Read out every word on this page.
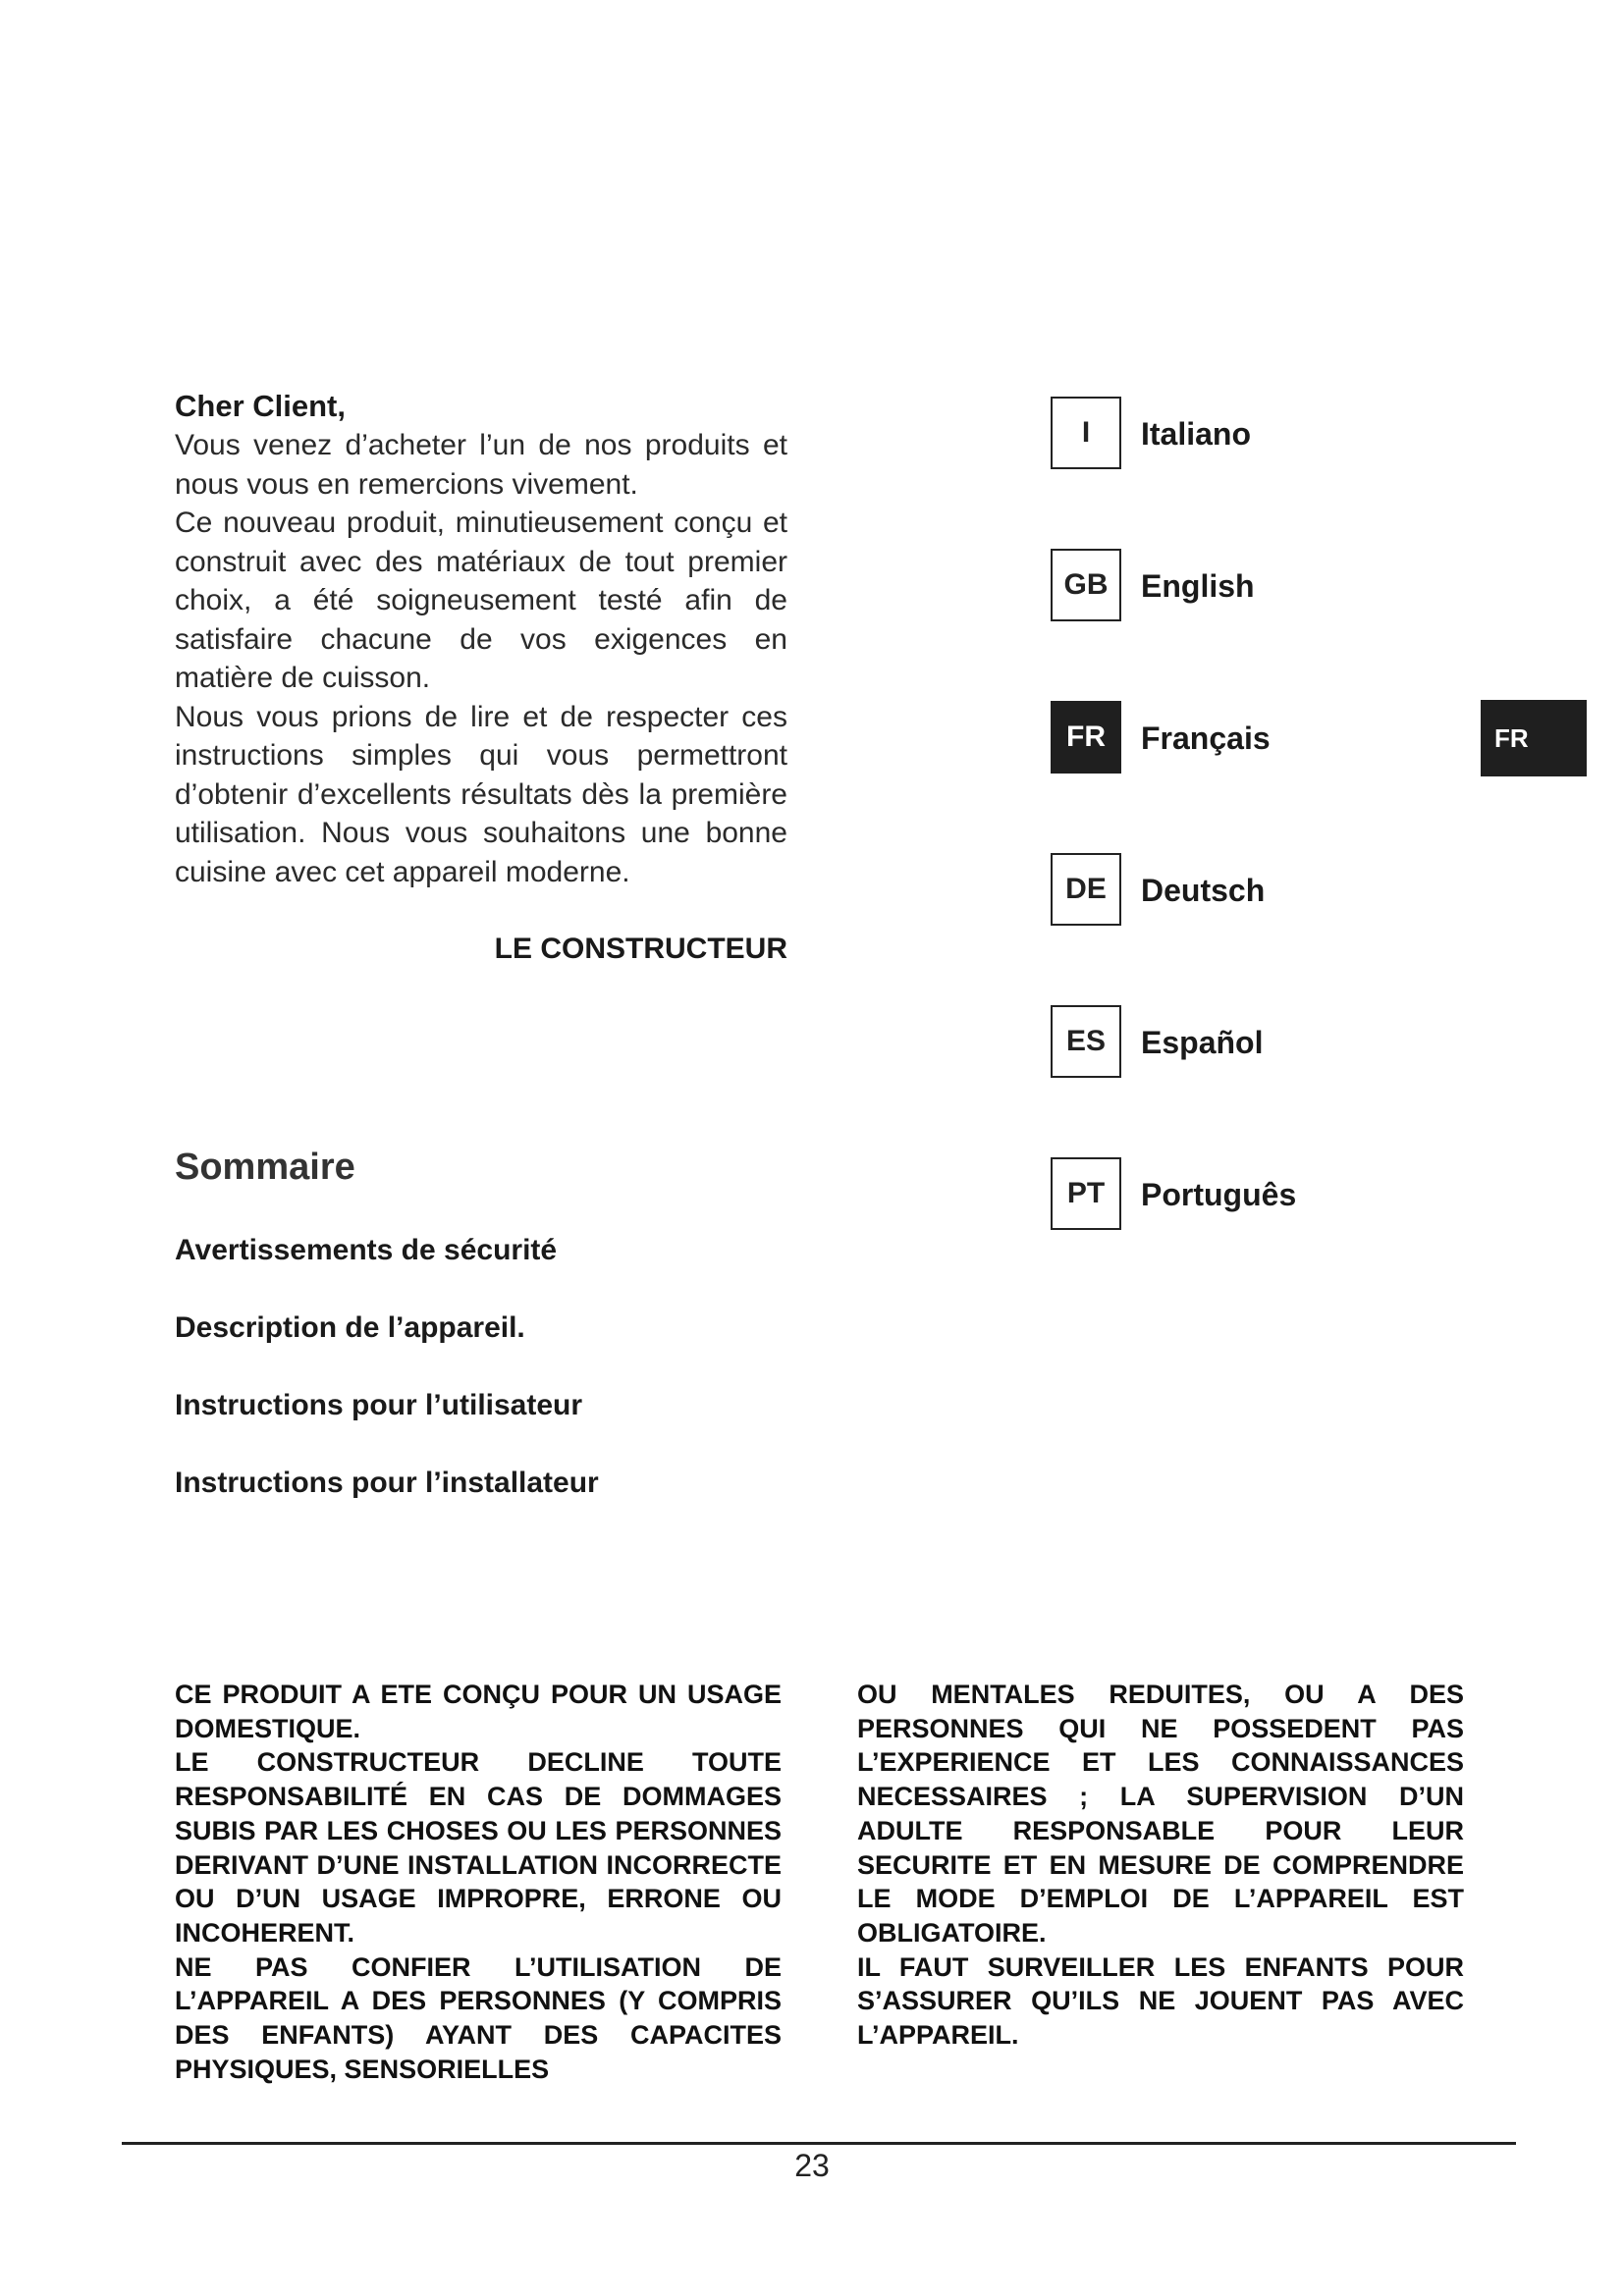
Cher Client,

Vous venez d’acheter l’un de nos produits et nous vous en remercions vivement.

Ce nouveau produit, minutieusement conçu et construit avec des matériaux de tout premier choix, a été soigneusement testé afin de satisfaire chacune de vos exigences en matière de cuisson.

Nous vous prions de lire et de respecter ces instructions simples qui vous permettront d’obtenir d’excellents résultats dès la première utilisation. Nous vous souhaitons une bonne cuisine avec cet appareil moderne.

LE CONSTRUCTEUR

Sommaire
Avertissements de sécurité
Description de l’appareil.
Instructions pour l’utilisateur
Instructions pour l’installateur
I	Italiano
GB	English
FR	Français
DE	Deutsch
ES	Español
PT	Português
FR

CE PRODUIT A ETE CONÇU POUR UN USAGE DOMESTIQUE.

LE CONSTRUCTEUR DECLINE TOUTE RESPONSABILITÉ EN CAS DE DOMMAGES SUBIS PAR LES CHOSES OU LES PERSONNES DERIVANT D’UNE INSTALLATION INCORRECTE OU D’UN USAGE IMPROPRE, ERRONE OU INCOHERENT.

NE PAS CONFIER L’UTILISATION DE L’APPAREIL A DES PERSONNES (Y COMPRIS DES ENFANTS) AYANT DES CAPACITES PHYSIQUES, SENSORIELLES

OU MENTALES REDUITES, OU A DES PERSONNES QUI NE POSSEDENT PAS L’EXPERIENCE ET LES CONNAISSANCES NECESSAIRES ; LA SUPERVISION D’UN ADULTE RESPONSABLE POUR LEUR SECURITE ET EN MESURE DE COMPRENDRE LE MODE D’EMPLOI DE L’APPAREIL EST OBLIGATOIRE.

IL FAUT SURVEILLER LES ENFANTS POUR S’ASSURER QU’ILS NE JOUENT PAS AVEC L’APPAREIL.

23
